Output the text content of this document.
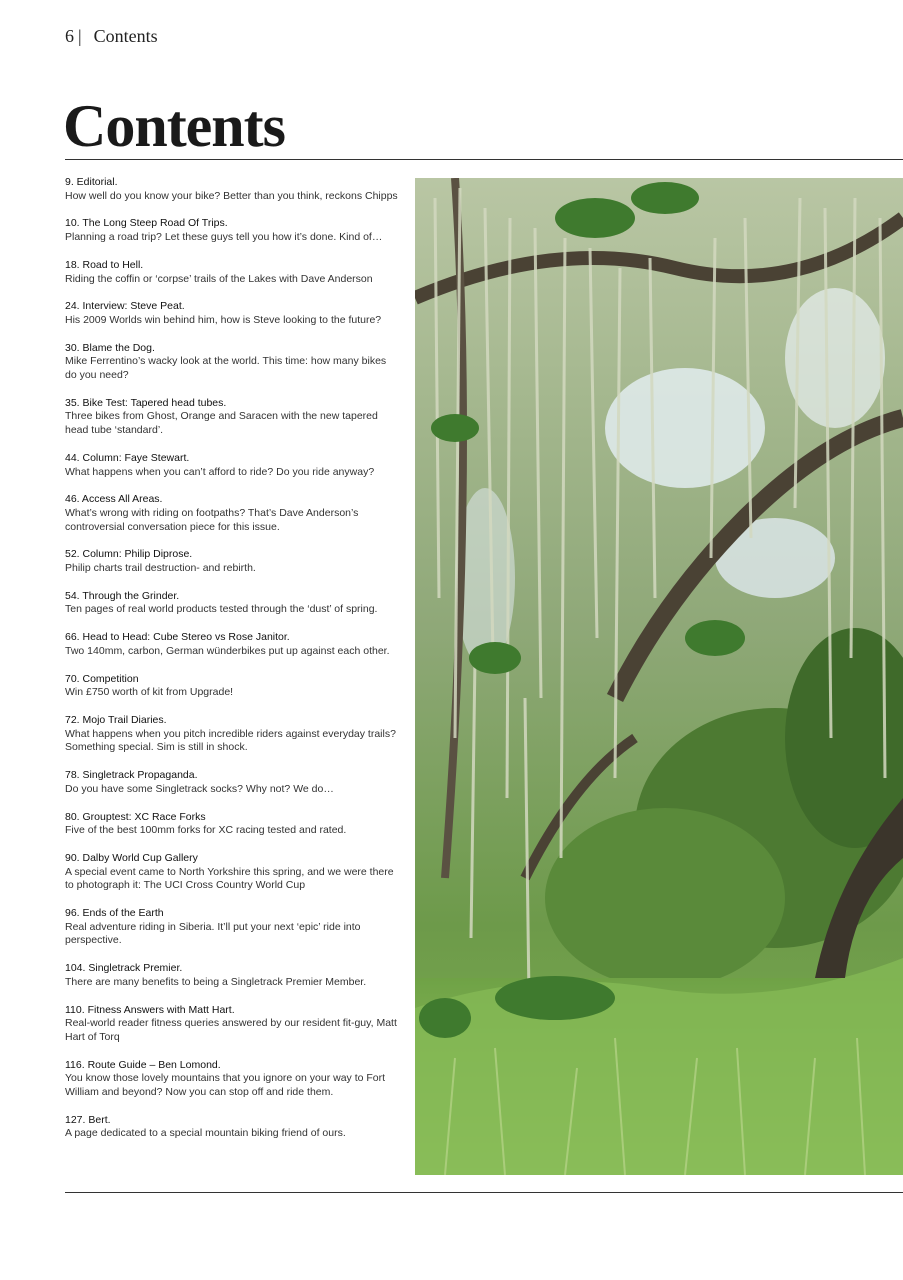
6 | Contents
Contents
9. Editorial.
How well do you know your bike? Better than you think, reckons Chipps
10. The Long Steep Road Of Trips.
Planning a road trip? Let these guys tell you how it’s done. Kind of…
18. Road to Hell.
Riding the coffin or ‘corpse’ trails of the Lakes with Dave Anderson
24. Interview: Steve Peat.
His 2009 Worlds win behind him, how is Steve looking to the future?
30. Blame the Dog.
Mike Ferrentino’s wacky look at the world. This time: how many bikes do you need?
35. Bike Test: Tapered head tubes.
Three bikes from Ghost, Orange and Saracen with the new tapered head tube ‘standard’.
44. Column: Faye Stewart.
What happens when you can’t afford to ride? Do you ride anyway?
46. Access All Areas.
What’s wrong with riding on footpaths? That’s Dave Anderson’s controversial conversation piece for this issue.
52. Column: Philip Diprose.
Philip charts trail destruction- and rebirth.
54. Through the Grinder.
Ten pages of real world products tested through the ‘dust’ of spring.
66. Head to Head: Cube Stereo vs Rose Janitor.
Two 140mm, carbon, German wünderbikes put up against each other.
70. Competition
Win £750 worth of kit from Upgrade!
72. Mojo Trail Diaries.
What happens when you pitch incredible riders against everyday trails? Something special. Sim is still in shock.
78. Singletrack Propaganda.
Do you have some Singletrack socks? Why not? We do…
80. Grouptest: XC Race Forks
Five of the best 100mm forks for XC racing tested and rated.
90. Dalby World Cup Gallery
A special event came to North Yorkshire this spring, and we were there to photograph it: The UCI Cross Country World Cup
96. Ends of the Earth
Real adventure riding in Siberia. It’ll put your next ‘epic’ ride into perspective.
104. Singletrack Premier.
There are many benefits to being a Singletrack Premier Member.
110. Fitness Answers with Matt Hart.
Real-world reader fitness queries answered by our resident fit-guy, Matt Hart of Torq
116. Route Guide – Ben Lomond.
You know those lovely mountains that you ignore on your way to Fort William and beyond? Now you can stop off and ride them.
127. Bert.
A page dedicated to a special mountain biking friend of ours.
